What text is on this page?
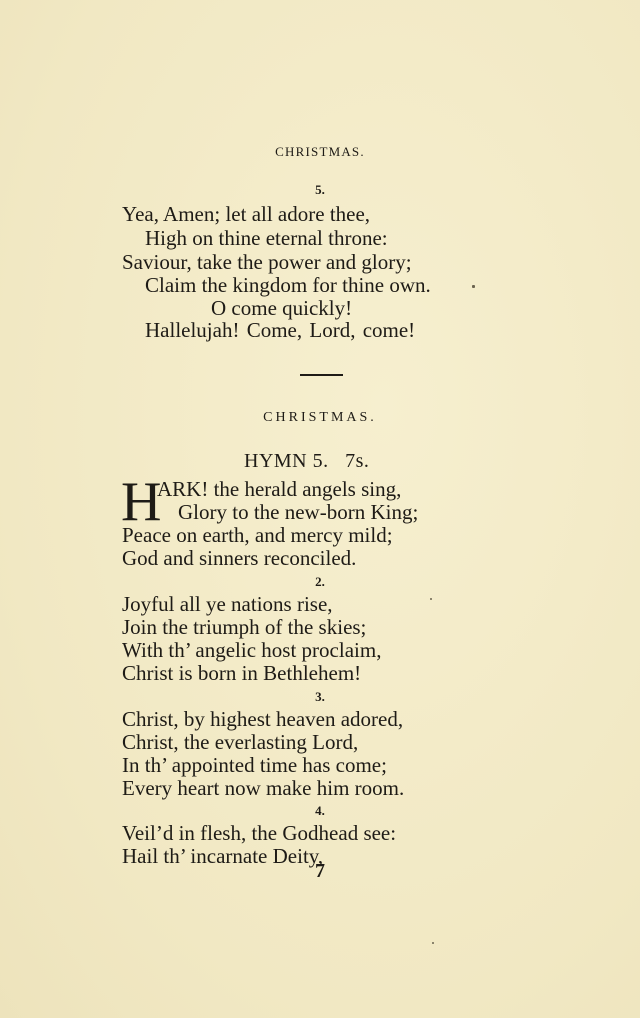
CHRISTMAS.
5.
Yea, Amen; let all adore thee,
High on thine eternal throne:
Saviour, take the power and glory;
Claim the kingdom for thine own.
O come quickly!
Hallelujah! Come, Lord, come!
CHRISTMAS.
HYMN 5.   7s.
H
ARK! the herald angels sing,
Glory to the new-born King;
Peace on earth, and mercy mild;
God and sinners reconciled.
2.
Joyful all ye nations rise,
Join the triumph of the skies;
With th’ angelic host proclaim,
Christ is born in Bethlehem!
3.
Christ, by highest heaven adored,
Christ, the everlasting Lord,
In th’ appointed time has come;
Every heart now make him room.
4.
Veil’d in flesh, the Godhead see:
Hail th’ incarnate Deity,
7
